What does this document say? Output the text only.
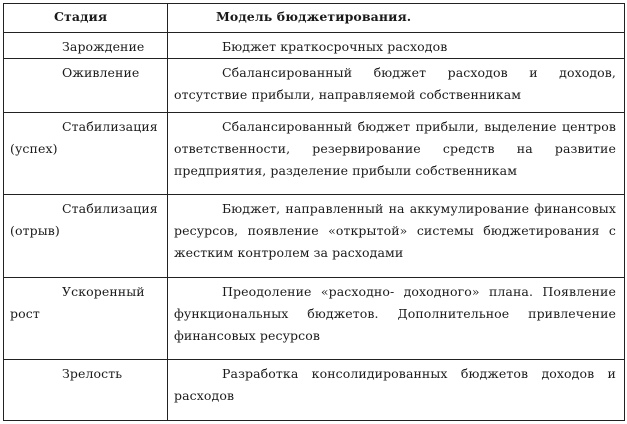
Стадия	Модель бюджетирования.

Зарождение	Бюджет краткосрочных расходов

Оживление	Сбалансированный бюджет расходов и доходов,
отсутствие прибыли, направляемой собственникам

Стабилизация
(успех)	Сбалансированный бюджет прибыли, выделение центров
ответственности, резервирование средств на развитие
предприятия, разделение прибыли собственникам

Стабилизация
(отрыв)	Бюджет, направленный на аккумулирование финансовых
ресурсов, появление «открытой» системы бюджетирования с
жестким контролем за расходами

Ускоренный
рост	Преодоление «расходно- доходного» плана. Появление
функциональных бюджетов. Дополнительное привлечение
финансовых ресурсов

Зрелость	Разработка консолидированных бюджетов доходов и
расходов
